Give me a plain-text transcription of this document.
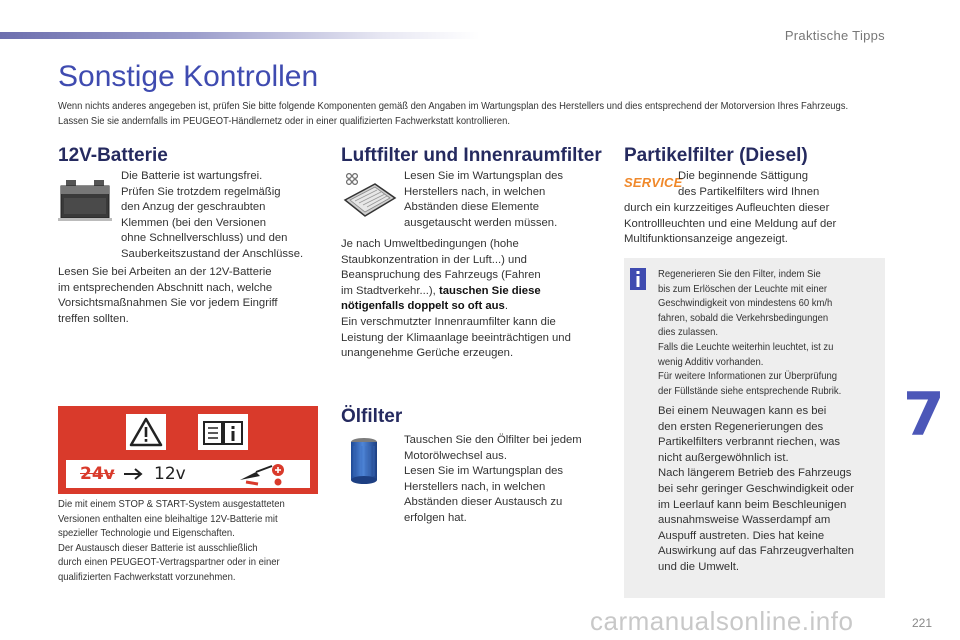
Praktische Tipps
Sonstige Kontrollen

Wenn nichts anderes angegeben ist, prüfen Sie bitte folgende Komponenten gemäß den Angaben im Wartungsplan des Herstellers und dies entsprechend der Motorversion Ihres Fahrzeugs.

Lassen Sie sie andernfalls im PEUGEOT-Händlernetz oder in einer qualifizierten Fachwerkstatt kontrollieren.

12V-Batterie

Die Batterie ist wartungsfrei.

Prüfen Sie trotzdem regelmäßig

den Anzug der geschraubten

Klemmen (bei den Versionen

ohne Schnellverschluss) und den

Sauberkeitszustand der Anschlüsse.

Lesen Sie bei Arbeiten an der 12V-Batterie

im entsprechenden Abschnitt nach, welche

Vorsichtsmaßnahmen Sie vor jedem Eingriff

treffen sollten.

24v 12v

Die mit einem STOP & START-System ausgestatteten

Versionen enthalten eine bleihaltige 12V-Batterie mit

spezieller Technologie und Eigenschaften.

Der Austausch dieser Batterie ist ausschließlich

durch einen PEUGEOT-Vertragspartner oder in einer

qualifizierten Fachwerkstatt vorzunehmen.

Luftfilter und Innenraumfilter

Lesen Sie im Wartungsplan des

Herstellers nach, in welchen

Abständen diese Elemente

ausgetauscht werden müssen.

Je nach Umweltbedingungen (hohe

Staubkonzentration in der Luft...) und

Beanspruchung des Fahrzeugs (Fahren

im Stadtverkehr...), tauschen Sie diese

nötigenfalls doppelt so oft aus.

Ein verschmutzter Innenraumfilter kann die

Leistung der Klimaanlage beeinträchtigen und

unangenehme Gerüche erzeugen.

Ölfilter

Tauschen Sie den Ölfilter bei jedem

Motorölwechsel aus.

Lesen Sie im Wartungsplan des

Herstellers nach, in welchen

Abständen dieser Austausch zu

erfolgen hat.

Partikelfilter (Diesel)
SERVICE

Die beginnende Sättigung

des Partikelfilters wird Ihnen

durch ein kurzzeitiges Aufleuchten dieser

Kontrollleuchten und eine Meldung auf der

Multifunktionsanzeige angezeigt.

Regenerieren Sie den Filter, indem Sie

bis zum Erlöschen der Leuchte mit einer

Geschwindigkeit von mindestens 60 km/h

fahren, sobald die Verkehrsbedingungen

dies zulassen.

Falls die Leuchte weiterhin leuchtet, ist zu

wenig Additiv vorhanden.

Für weitere Informationen zur Überprüfung

der Füllstände siehe entsprechende Rubrik.

Bei einem Neuwagen kann es bei

den ersten Regenerierungen des

Partikelfilters verbrannt riechen, was

nicht außergewöhnlich ist.

Nach längerem Betrieb des Fahrzeugs

bei sehr geringer Geschwindigkeit oder

im Leerlauf kann beim Beschleunigen

ausnahmsweise Wasserdampf am

Auspuff austreten. Dies hat keine

Auswirkung auf das Fahrzeugverhalten

und die Umwelt.

7
carmanualsonline.info	221
